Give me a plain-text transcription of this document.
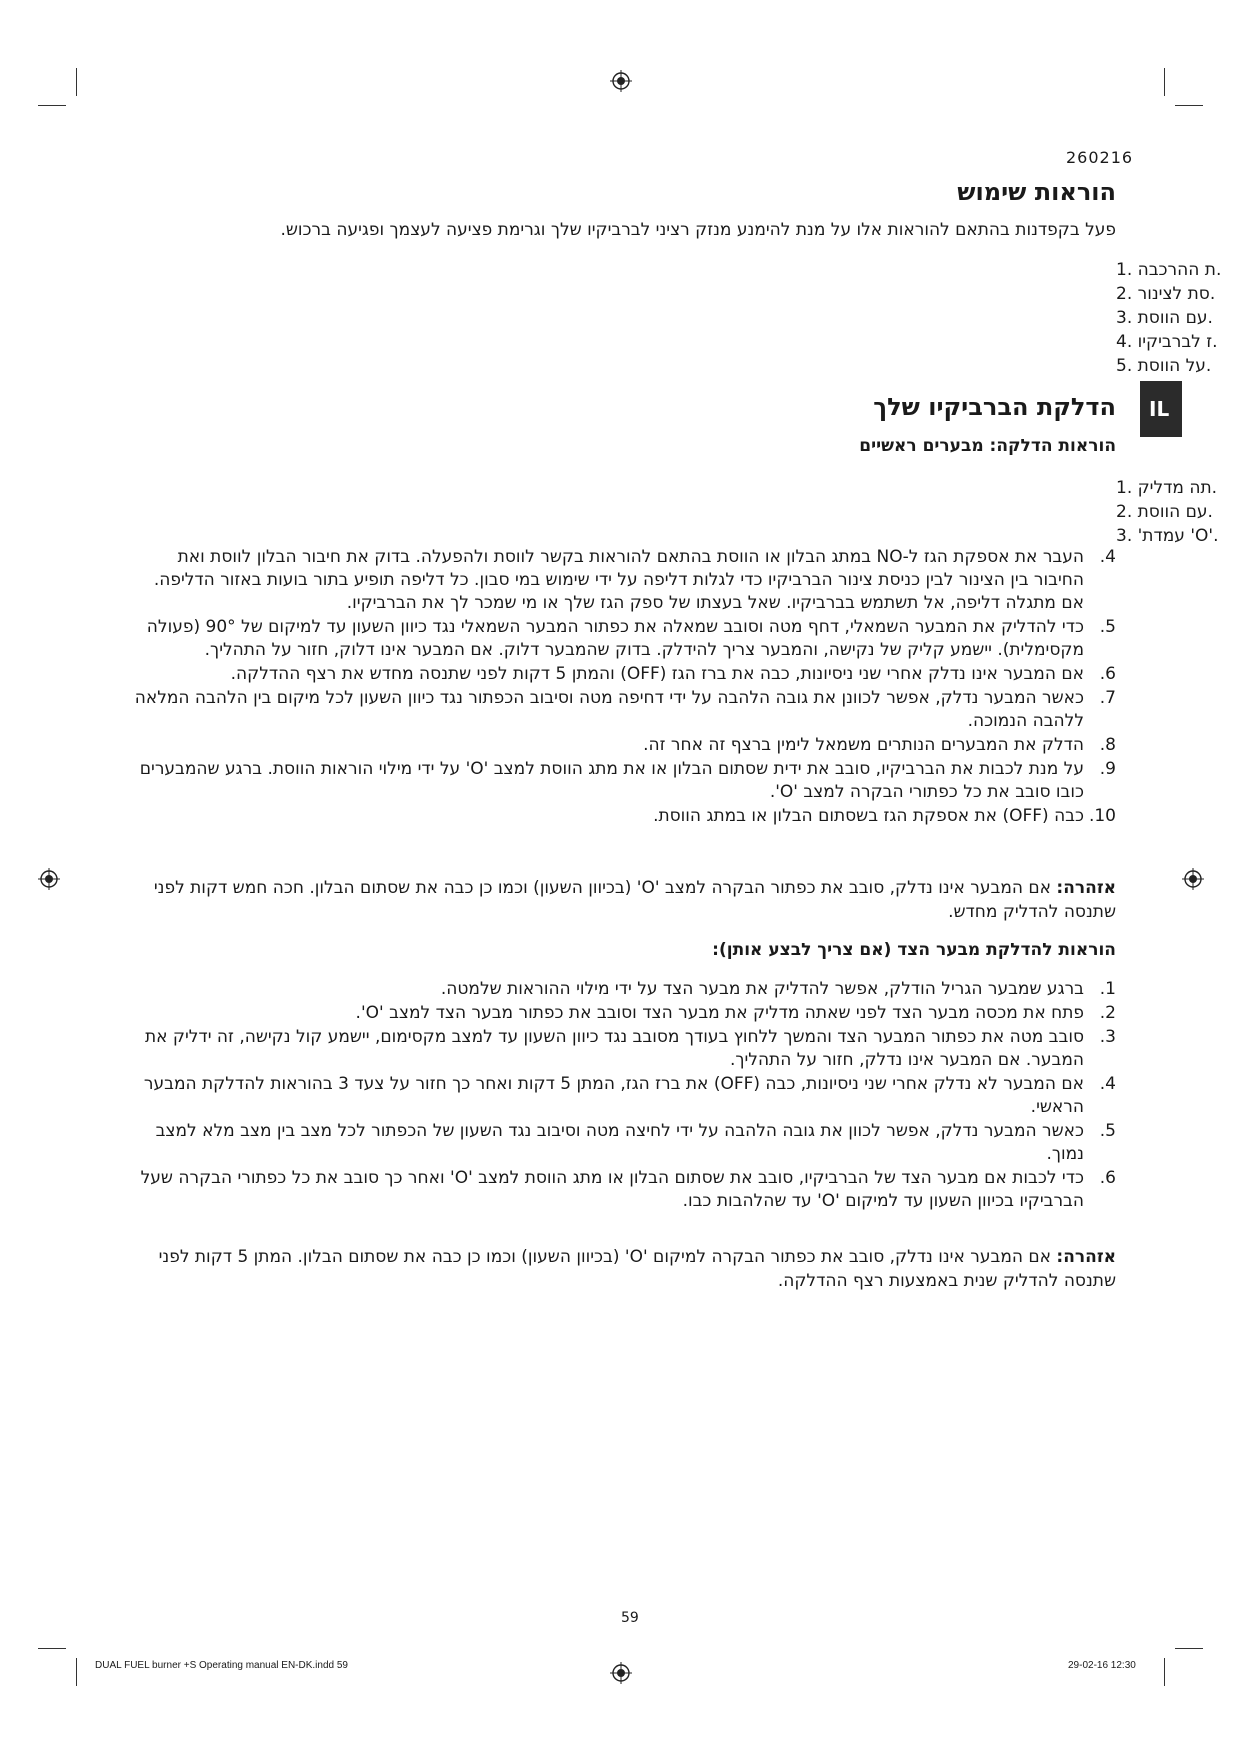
260216
הוראות שימוש

פעל בקפדנות בהתאם להוראות אלו על מנת להימנע מנזק רציני לברביקיו שלך וגרימת פציעה לעצמך ופגיעה ברכוש.

1. ת ההרכבה.
2. סת לצינור.
3. עם הווסת.
4. ז לברביקיו.
5. על הווסת.
IL
הדלקת הברביקיו שלך

הוראות הדלקה: מבערים ראשיים

1. תה מדליק.
2. עם הווסת.
3. 'עמדת 'O'.
4.
העבר את אספקת הגז ל-NO במתג הבלון או הווסת בהתאם להוראות בקשר לווסת ולהפעלה. בדוק את חיבור הבלון לווסת ואת החיבור בין הצינור לבין כניסת צינור הברביקיו כדי לגלות דליפה על ידי שימוש במי סבון. כל דליפה תופיע בתור בועות באזור הדליפה. אם מתגלה דליפה, אל תשתמש בברביקיו. שאל בעצתו של ספק הגז שלך או מי שמכר לך את הברביקיו.
5.
כדי להדליק את המבער השמאלי, דחף מטה וסובב שמאלה את כפתור המבער השמאלי נגד כיוון השעון עד למיקום של 90° (פעולה מקסימלית). יישמע קליק של נקישה, והמבער צריך להידלק. בדוק שהמבער דלוק. אם המבער אינו דלוק, חזור על התהליך.
6.
אם המבער אינו נדלק אחרי שני ניסיונות, כבה את ברז הגז (OFF) והמתן 5 דקות לפני שתנסה מחדש את רצף ההדלקה.
7.
כאשר המבער נדלק, אפשר לכוונן את גובה הלהבה על ידי דחיפה מטה וסיבוב הכפתור נגד כיוון השעון לכל מיקום בין הלהבה המלאה ללהבה הנמוכה.
8.
הדלק את המבערים הנותרים משמאל לימין ברצף זה אחר זה.
9.
על מנת לכבות את הברביקיו, סובב את ידית שסתום הבלון או את מתג הווסת למצב 'O' על ידי מילוי הוראות הווסת. ברגע שהמבערים כובו סובב את כל כפתורי הבקרה למצב 'O'.
10.
כבה (OFF) את אספקת הגז בשסתום הבלון או במתג הווסת.

אזהרה: אם המבער אינו נדלק, סובב את כפתור הבקרה למצב 'O' (בכיוון השעון) וכמו כן כבה את שסתום הבלון. חכה חמש דקות לפני שתנסה להדליק מחדש.

הוראות להדלקת מבער הצד (אם צריך לבצע אותן):

1.
ברגע שמבער הגריל הודלק, אפשר להדליק את מבער הצד על ידי מילוי ההוראות שלמטה.
2.
פתח את מכסה מבער הצד לפני שאתה מדליק את מבער הצד וסובב את כפתור מבער הצד למצב 'O'.
3.
סובב מטה את כפתור המבער הצד והמשך ללחוץ בעודך מסובב נגד כיוון השעון עד למצב מקסימום, יישמע קול נקישה, זה ידליק את המבער. אם המבער אינו נדלק, חזור על התהליך.
4.
אם המבער לא נדלק אחרי שני ניסיונות, כבה (OFF) את ברז הגז, המתן 5 דקות ואחר כך חזור על צעד 3 בהוראות להדלקת המבער הראשי.
5.
כאשר המבער נדלק, אפשר לכוון את גובה הלהבה על ידי לחיצה מטה וסיבוב נגד השעון של הכפתור לכל מצב בין מצב מלא למצב נמוך.
6.
כדי לכבות אם מבער הצד של הברביקיו, סובב את שסתום הבלון או מתג הווסת למצב 'O' ואחר כך סובב את כל כפתורי הבקרה שעל הברביקיו בכיוון השעון עד למיקום 'O' עד שהלהבות כבו.

אזהרה: אם המבער אינו נדלק, סובב את כפתור הבקרה למיקום 'O' (בכיוון השעון) וכמו כן כבה את שסתום הבלון. המתן 5 דקות לפני שתנסה להדליק שנית באמצעות רצף ההדלקה.

59
DUAL FUEL burner +S Operating manual EN-DK.indd 59	29-02-16 12:30
